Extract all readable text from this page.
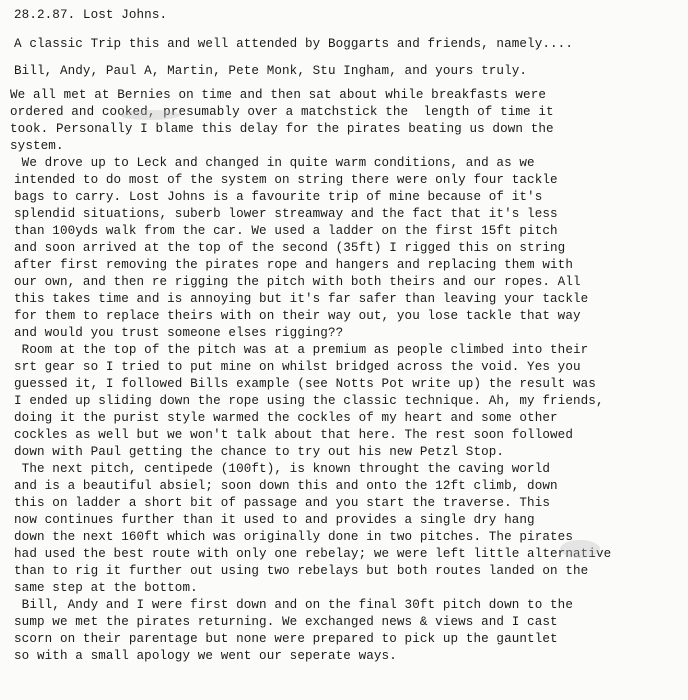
28.2.87. Lost Johns.
A classic Trip this and well attended by Boggarts and friends, namely....
Bill, Andy, Paul A, Martin, Pete Monk, Stu Ingham, and yours truly.
We all met at Bernies on time and then sat about while breakfasts were
ordered and cooked, presumably over a matchstick the  length of time it
took. Personally I blame this delay for the pirates beating us down the
system.
We drove up to Leck and changed in quite warm conditions, and as we
intended to do most of the system on string there were only four tackle
bags to carry. Lost Johns is a favourite trip of mine because of it's
splendid situations, suberb lower streamway and the fact that it's less
than 100yds walk from the car. We used a ladder on the first 15ft pitch
and soon arrived at the top of the second (35ft) I rigged this on string
after first removing the pirates rope and hangers and replacing them with
our own, and then re rigging the pitch with both theirs and our ropes. All
this takes time and is annoying but it's far safer than leaving your tackle
for them to replace theirs with on their way out, you lose tackle that way
and would you trust someone elses rigging??
Room at the top of the pitch was at a premium as people climbed into their
srt gear so I tried to put mine on whilst bridged across the void. Yes you
guessed it, I followed Bills example (see Notts Pot write up) the result was
I ended up sliding down the rope using the classic technique. Ah, my friends,
doing it the purist style warmed the cockles of my heart and some other
cockles as well but we won't talk about that here. The rest soon followed
down with Paul getting the chance to try out his new Petzl Stop.
The next pitch, centipede (100ft), is known throught the caving world
and is a beautiful absiel; soon down this and onto the 12ft climb, down
this on ladder a short bit of passage and you start the traverse. This
now continues further than it used to and provides a single dry hang
down the next 160ft which was originally done in two pitches. The pirates
had used the best route with only one rebelay; we were left little alternative
than to rig it further out using two rebelays but both routes landed on the
same step at the bottom.
Bill, Andy and I were first down and on the final 30ft pitch down to the
sump we met the pirates returning. We exchanged news & views and I cast
scorn on their parentage but none were prepared to pick up the gauntlet
so with a small apology we went our seperate ways.
